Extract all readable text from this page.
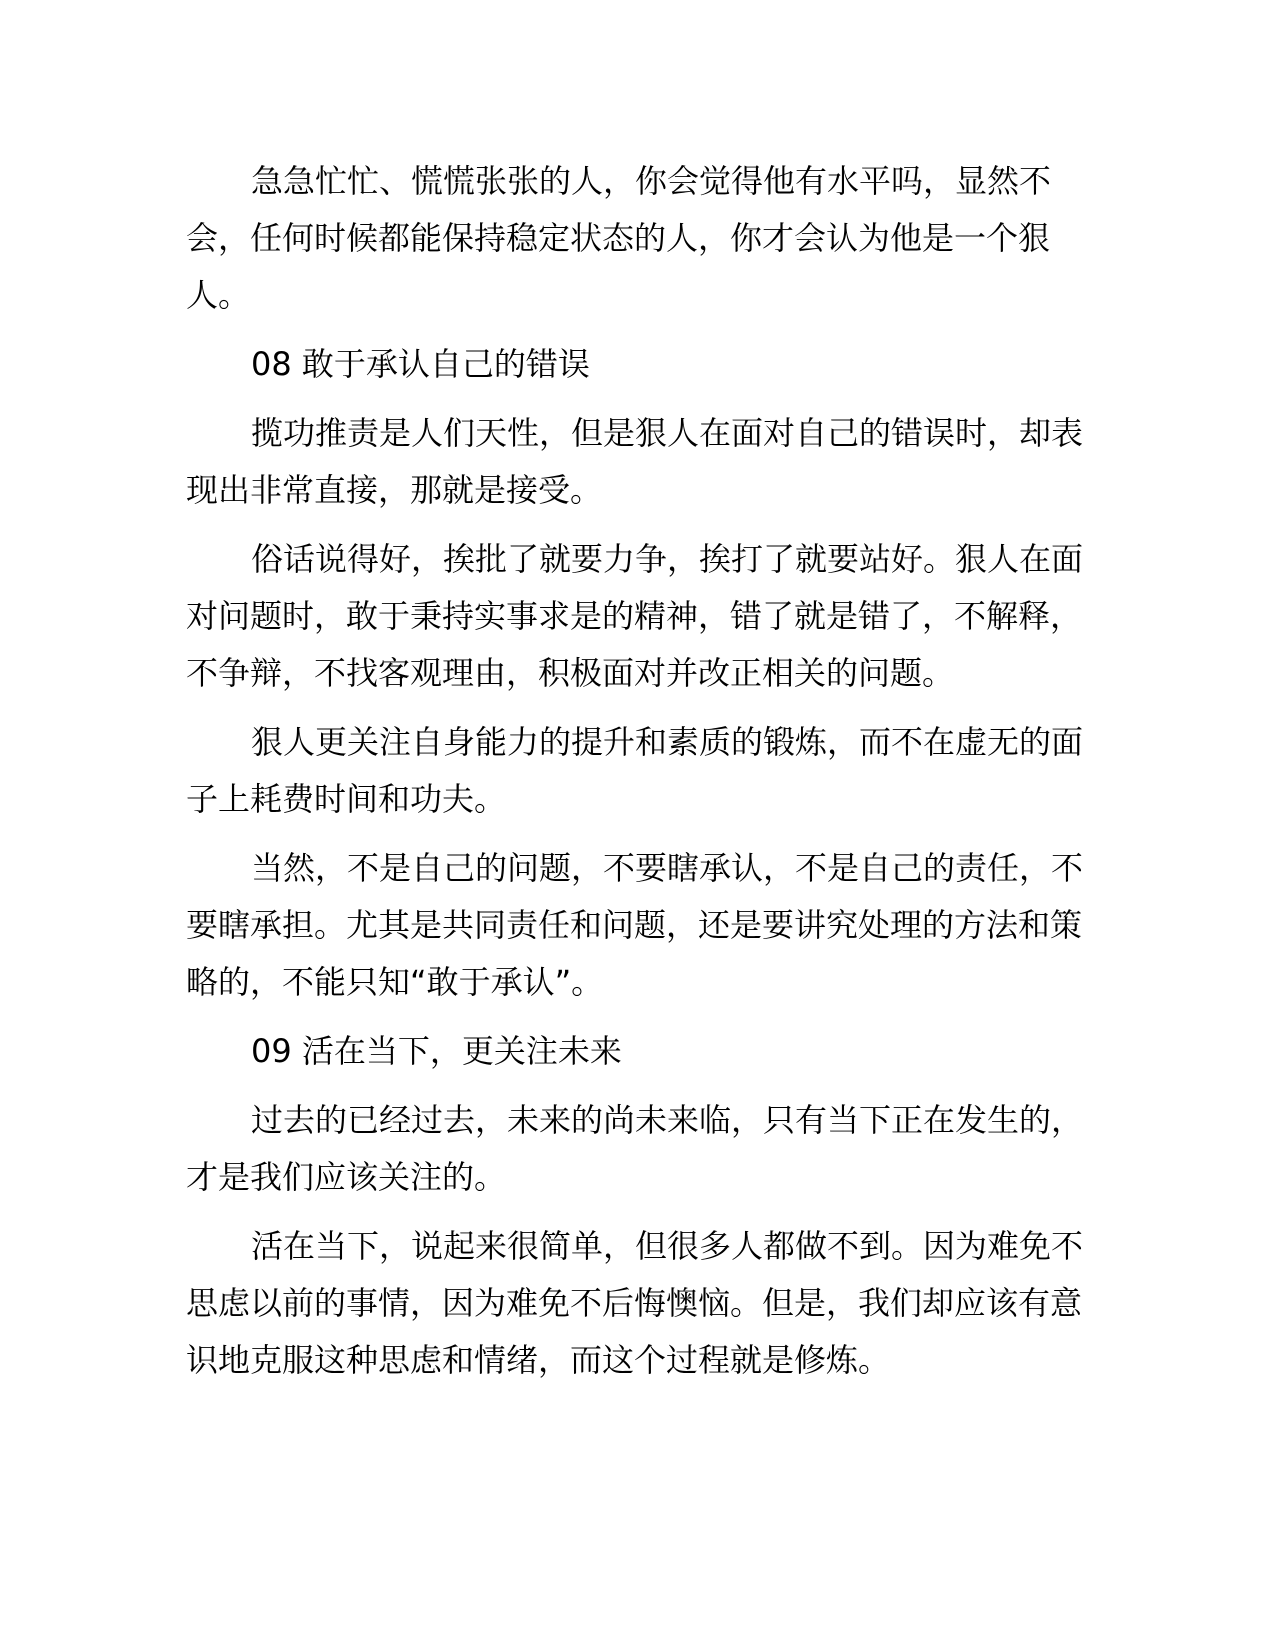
急急忙忙、慌慌张张的人，你会觉得他有水平吗，显然不会，任何时候都能保持稳定状态的人，你才会认为他是一个狠人。

08 敢于承认自己的错误

揽功推责是人们天性，但是狠人在面对自己的错误时，却表现出非常直接，那就是接受。

俗话说得好，挨批了就要力争，挨打了就要站好。狠人在面对问题时，敢于秉持实事求是的精神，错了就是错了，不解释，不争辩，不找客观理由，积极面对并改正相关的问题。

狠人更关注自身能力的提升和素质的锻炼，而不在虚无的面子上耗费时间和功夫。

当然，不是自己的问题，不要瞎承认，不是自己的责任，不要瞎承担。尤其是共同责任和问题，还是要讲究处理的方法和策略的，不能只知“敢于承认”。

09 活在当下，更关注未来

过去的已经过去，未来的尚未来临，只有当下正在发生的，才是我们应该关注的。

活在当下，说起来很简单，但很多人都做不到。因为难免不思虑以前的事情，因为难免不后悔懊恼。但是，我们却应该有意识地克服这种思虑和情绪，而这个过程就是修炼。
